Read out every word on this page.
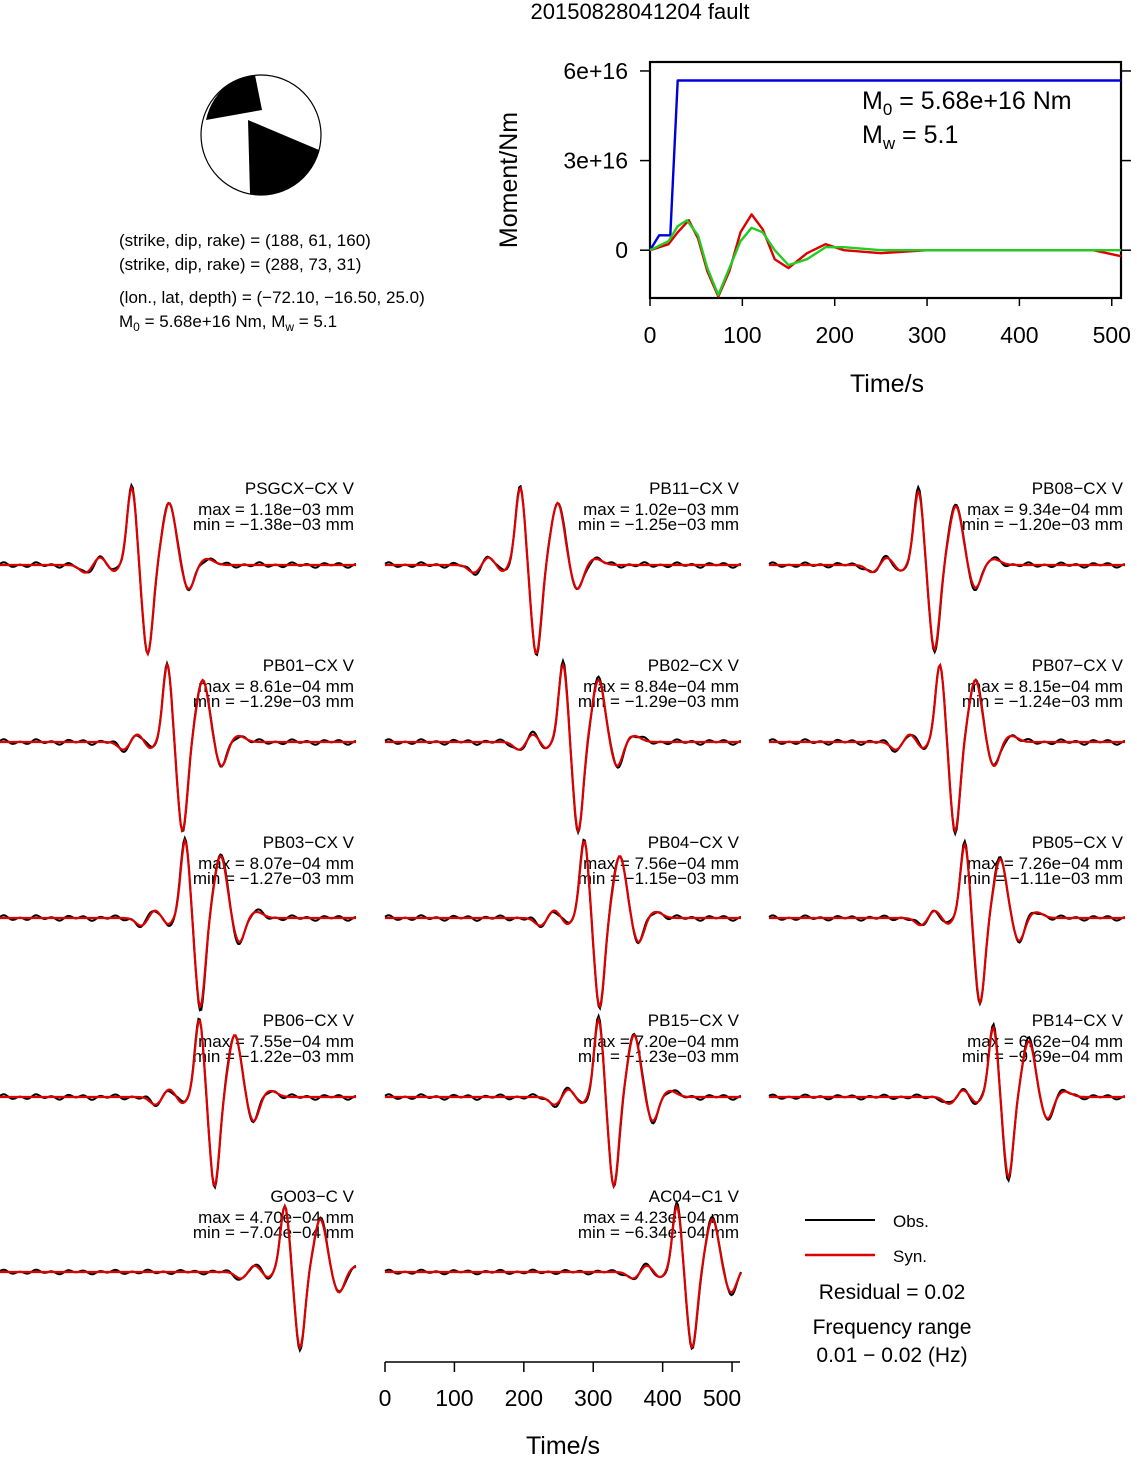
20150828041204 fault
(strike, dip, rake) = (188, 61, 160)
(strike, dip, rake) = (288, 73, 31)
(lon., lat, depth) = (−72.10, −16.50, 25.0)
$M_0 = 5.68e+16$ Nm, $M_w = 5.1$
6e+16
3e+16
0
0	100 200 300 400 500
Moment/Nm
Time/s
$M_0 = 5.68e+16$ Nm
$M_w = 5.1$
PSGCX−CX V
max = 1.18e−03 mm
min = −1.38e−03 mm
PB11−CX V
max = 1.02e−03 mm
min = −1.25e−03 mm
PB08−CX V
max = 9.34e−04 mm
min = −1.20e−03 mm
PB01−CX V
max = 8.61e−04 mm
min = −1.29e−03 mm
PB02−CX V
max = 8.84e−04 mm
min = −1.29e−03 mm
PB07−CX V
max = 8.15e−04 mm
min = −1.24e−03 mm
PB03−CX V
max = 8.07e−04 mm
min = −1.27e−03 mm
PB04−CX V
max = 7.56e−04 mm
min = −1.15e−03 mm
PB05−CX V
max = 7.26e−04 mm
min = −1.11e−03 mm
PB06−CX V
max = 7.55e−04 mm
min = −1.22e−03 mm
PB15−CX V
max = 7.20e−04 mm
min = −1.23e−03 mm
PB14−CX V
max = 6.62e−04 mm
min = −9.69e−04 mm
GO03−C V
max = 4.70e−04 mm
min = −7.04e−04 mm
AC04−C1 V
max = 4.23e−04 mm
min = −6.34e−04 mm
Time/s
0 100 200 300 400 500
Obs.
Syn.
Residual = 0.02
Frequency range
0.01 − 0.02 (Hz)
